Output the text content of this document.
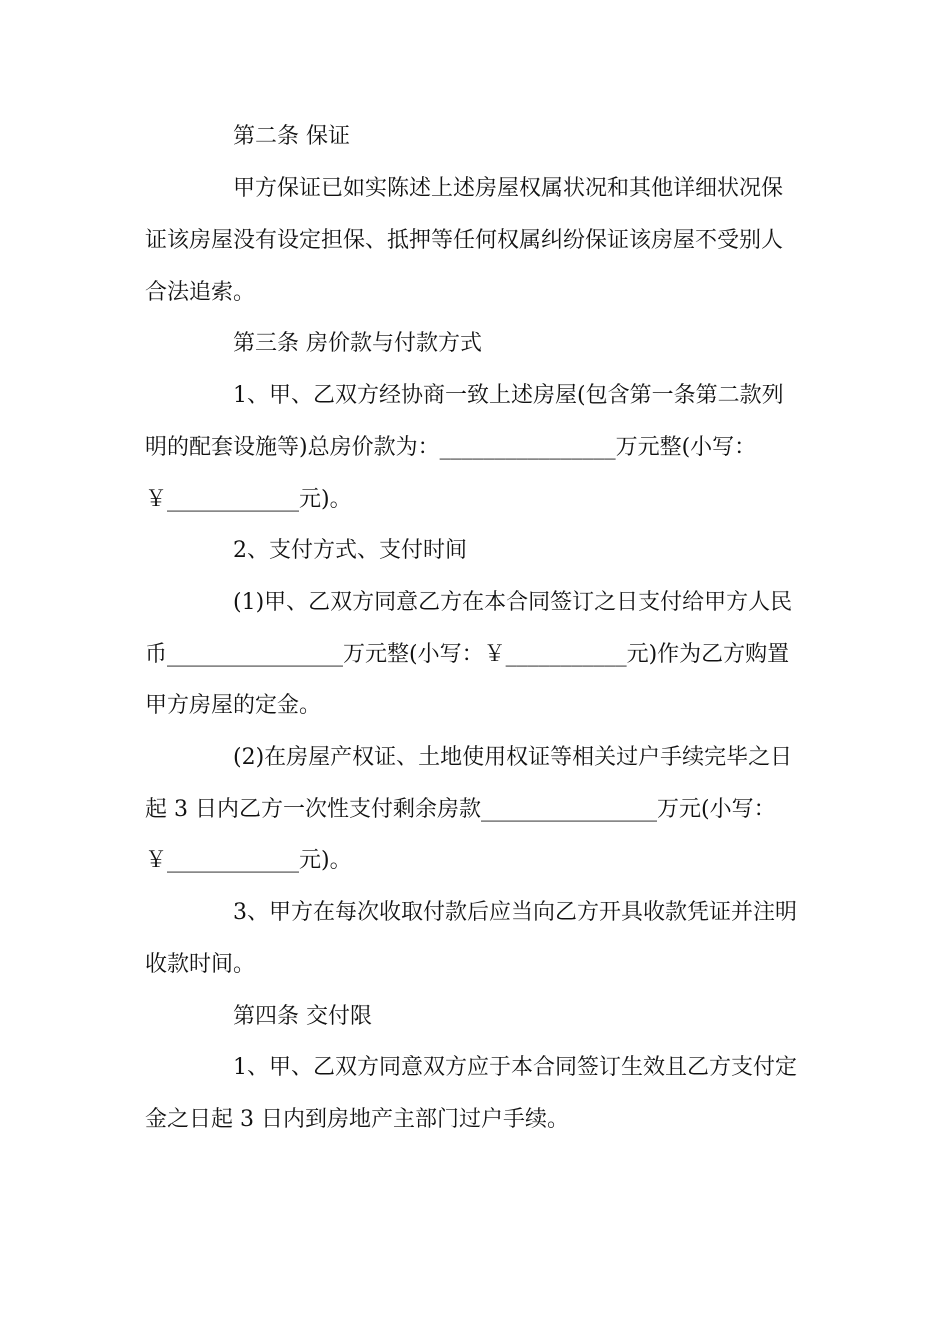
第二条 保证

甲方保证已如实陈述上述房屋权属状况和其他详细状况保

证该房屋没有设定担保、抵押等任何权属纠纷保证该房屋不受别人

合法追索。

第三条 房价款与付款方式

1、甲、乙双方经协商一致上述房屋(包含第一条第二款列

明的配套设施等)总房价款为：________________万元整(小写：

￥____________元)。

2、支付方式、支付时间

(1)甲、乙双方同意乙方在本合同签订之日支付给甲方人民

币________________万元整(小写：￥___________元)作为乙方购置

甲方房屋的定金。

(2)在房屋产权证、土地使用权证等相关过户手续完毕之日

起 3 日内乙方一次性支付剩余房款________________万元(小写：

￥____________元)。

3、甲方在每次收取付款后应当向乙方开具收款凭证并注明

收款时间。

第四条 交付限

1、甲、乙双方同意双方应于本合同签订生效且乙方支付定

金之日起 3 日内到房地产主部门过户手续。
